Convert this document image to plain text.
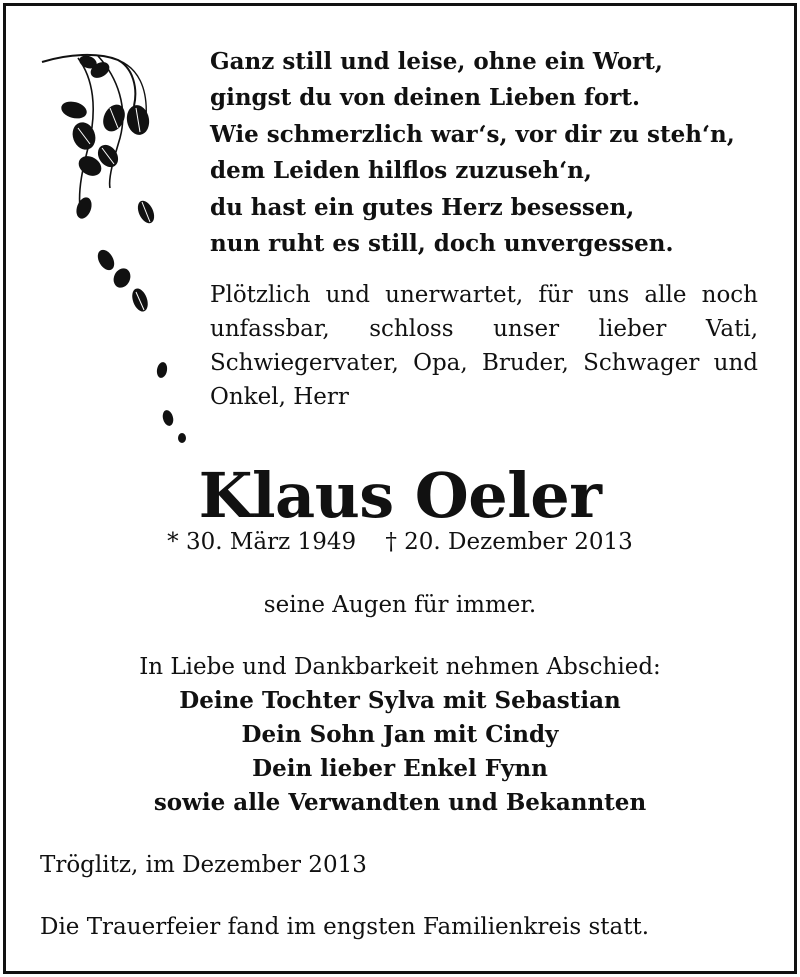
Ganz still und leise, ohne ein Wort,
gingst du von deinen Lieben fort.
Wie schmerzlich war‘s, vor dir zu steh‘n,
dem Leiden hilflos zuzuseh‘n,
du hast ein gutes Herz besessen,
nun ruht es still, doch unvergessen.
Plötzlich und unerwartet, für uns alle noch unfassbar, schloss unser lieber Vati, Schwiegervater, Opa, Bruder, Schwager und Onkel, Herr
Klaus Oeler
* 30. März 1949 † 20. Dezember 2013
seine Augen für immer.
In Liebe und Dankbarkeit nehmen Abschied:
Deine Tochter Sylva mit Sebastian
Dein Sohn Jan mit Cindy
Dein lieber Enkel Fynn
sowie alle Verwandten und Bekannten
Tröglitz, im Dezember 2013
Die Trauerfeier fand im engsten Familienkreis statt.
